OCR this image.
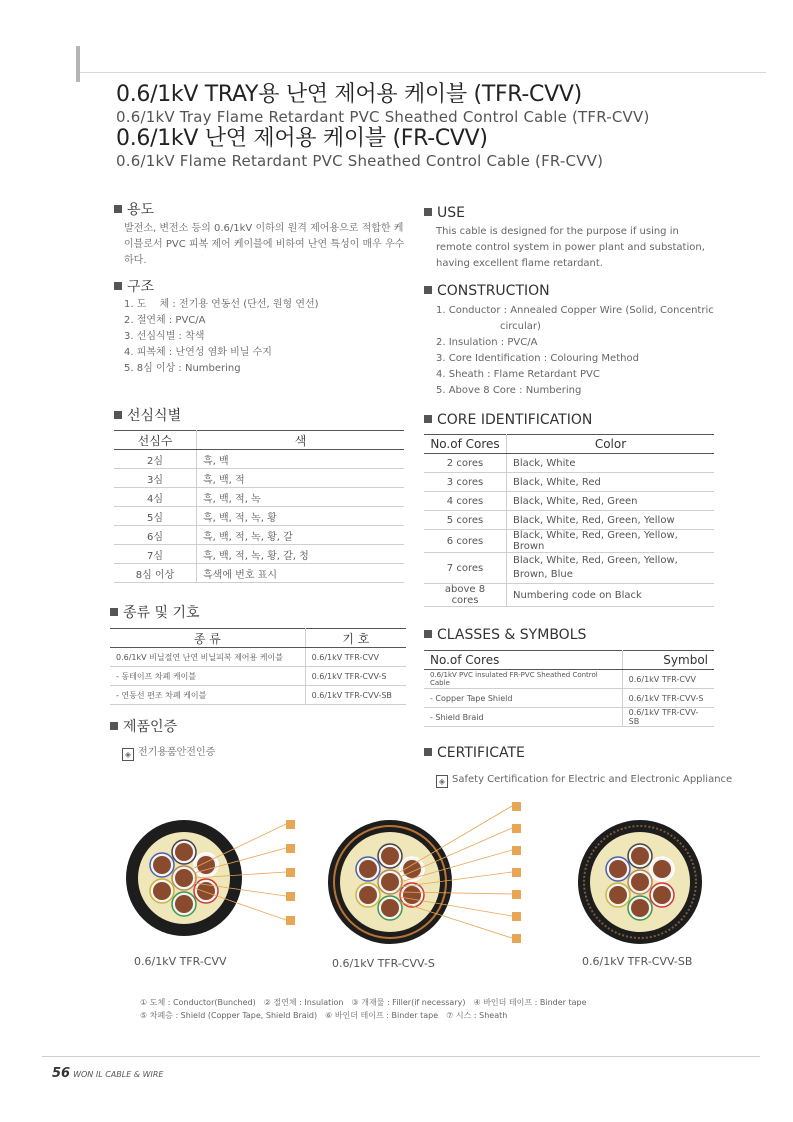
0.6/1kV TRAY용 난연 제어용 케이블 (TFR-CVV)
0.6/1kV Tray Flame Retardant PVC Sheathed Control Cable (TFR-CVV)
0.6/1kV 난연 제어용 케이블 (FR-CVV)
0.6/1kV Flame Retardant PVC Sheathed Control Cable (FR-CVV)
용도
발전소, 변전소 등의 0.6/1kV 이하의 원격 제어용으로 적합한 케이블로서 PVC 피복 제어 케이블에 비하여 난연 특성이 매우 우수하다.
USE
This cable is designed for the purpose if using in remote control system in power plant and substation, having excellent flame retardant.
구조
1. 도 　체 : 전기용 연동선 (단선, 원형 연선)
2. 절연체 : PVC/A
3. 선심식별 : 착색
4. 피복체 : 난연성 염화 비닐 수지
5. 8심 이상 : Numbering
CONSTRUCTION
1. Conductor : Annealed Copper Wire (Solid, Concentric
circular)
2. Insulation : PVC/A
3. Core Identification : Colouring Method
4. Sheath : Flame Retardant PVC
5. Above 8 Core : Numbering
선심식별
선심수	색
2심	흑, 백
3심	흑, 백, 적
4심	흑, 백, 적, 녹
5심	흑, 백, 적, 녹, 황
6심	흑, 백, 적, 녹, 황, 갈
7심	흑, 백, 적, 녹, 황, 갈, 청
8심 이상	흑색에 번호 표시
CORE IDENTIFICATION
No.of Cores	Color
2 cores	Black, White
3 cores	Black, White, Red
4 cores	Black, White, Red, Green
5 cores	Black, White, Red, Green, Yellow
6 cores	Black, White, Red, Green, Yellow, Brown
7 cores	Black, White, Red, Green, Yellow, Brown, Blue
above 8 cores	Numbering code on Black
종류 및 기호
종 류	기 호
0.6/1kV 비닐절연 난연 비닐피복 제어용 케이블	0.6/1kV TFR-CVV
- 동테이프 차폐 케이블	0.6/1kV TFR-CVV-S
- 연동선 편조 차폐 케이블	0.6/1kV TFR-CVV-SB
CLASSES & SYMBOLS
No.of Cores	Symbol
0.6/1kV PVC insulated FR-PVC Sheathed Control Cable	0.6/1kV TFR-CVV
- Copper Tape Shield	0.6/1kV TFR-CVV-S
- Shield Braid	0.6/1kV TFR-CVV-SB
제품인증
◈ 전기용품안전인증	CERTIFICATE
◈ Safety Certification for Electric and Electronic Appliance
0.6/1kV TFR-CVV	0.6/1kV TFR-CVV-S	0.6/1kV TFR-CVV-SB
① 도체 : Conductor(Bunched)　② 절연체 : Insulation　③ 개재물 : Filler(if necessary)　④ 바인더 테이프 : Binder tape
⑤ 차폐층 : Shield (Copper Tape, Shield Braid)　⑥ 바인더 테이프 : Binder tape　⑦ 시스 : Sheath
56 WON IL CABLE & WIRE
